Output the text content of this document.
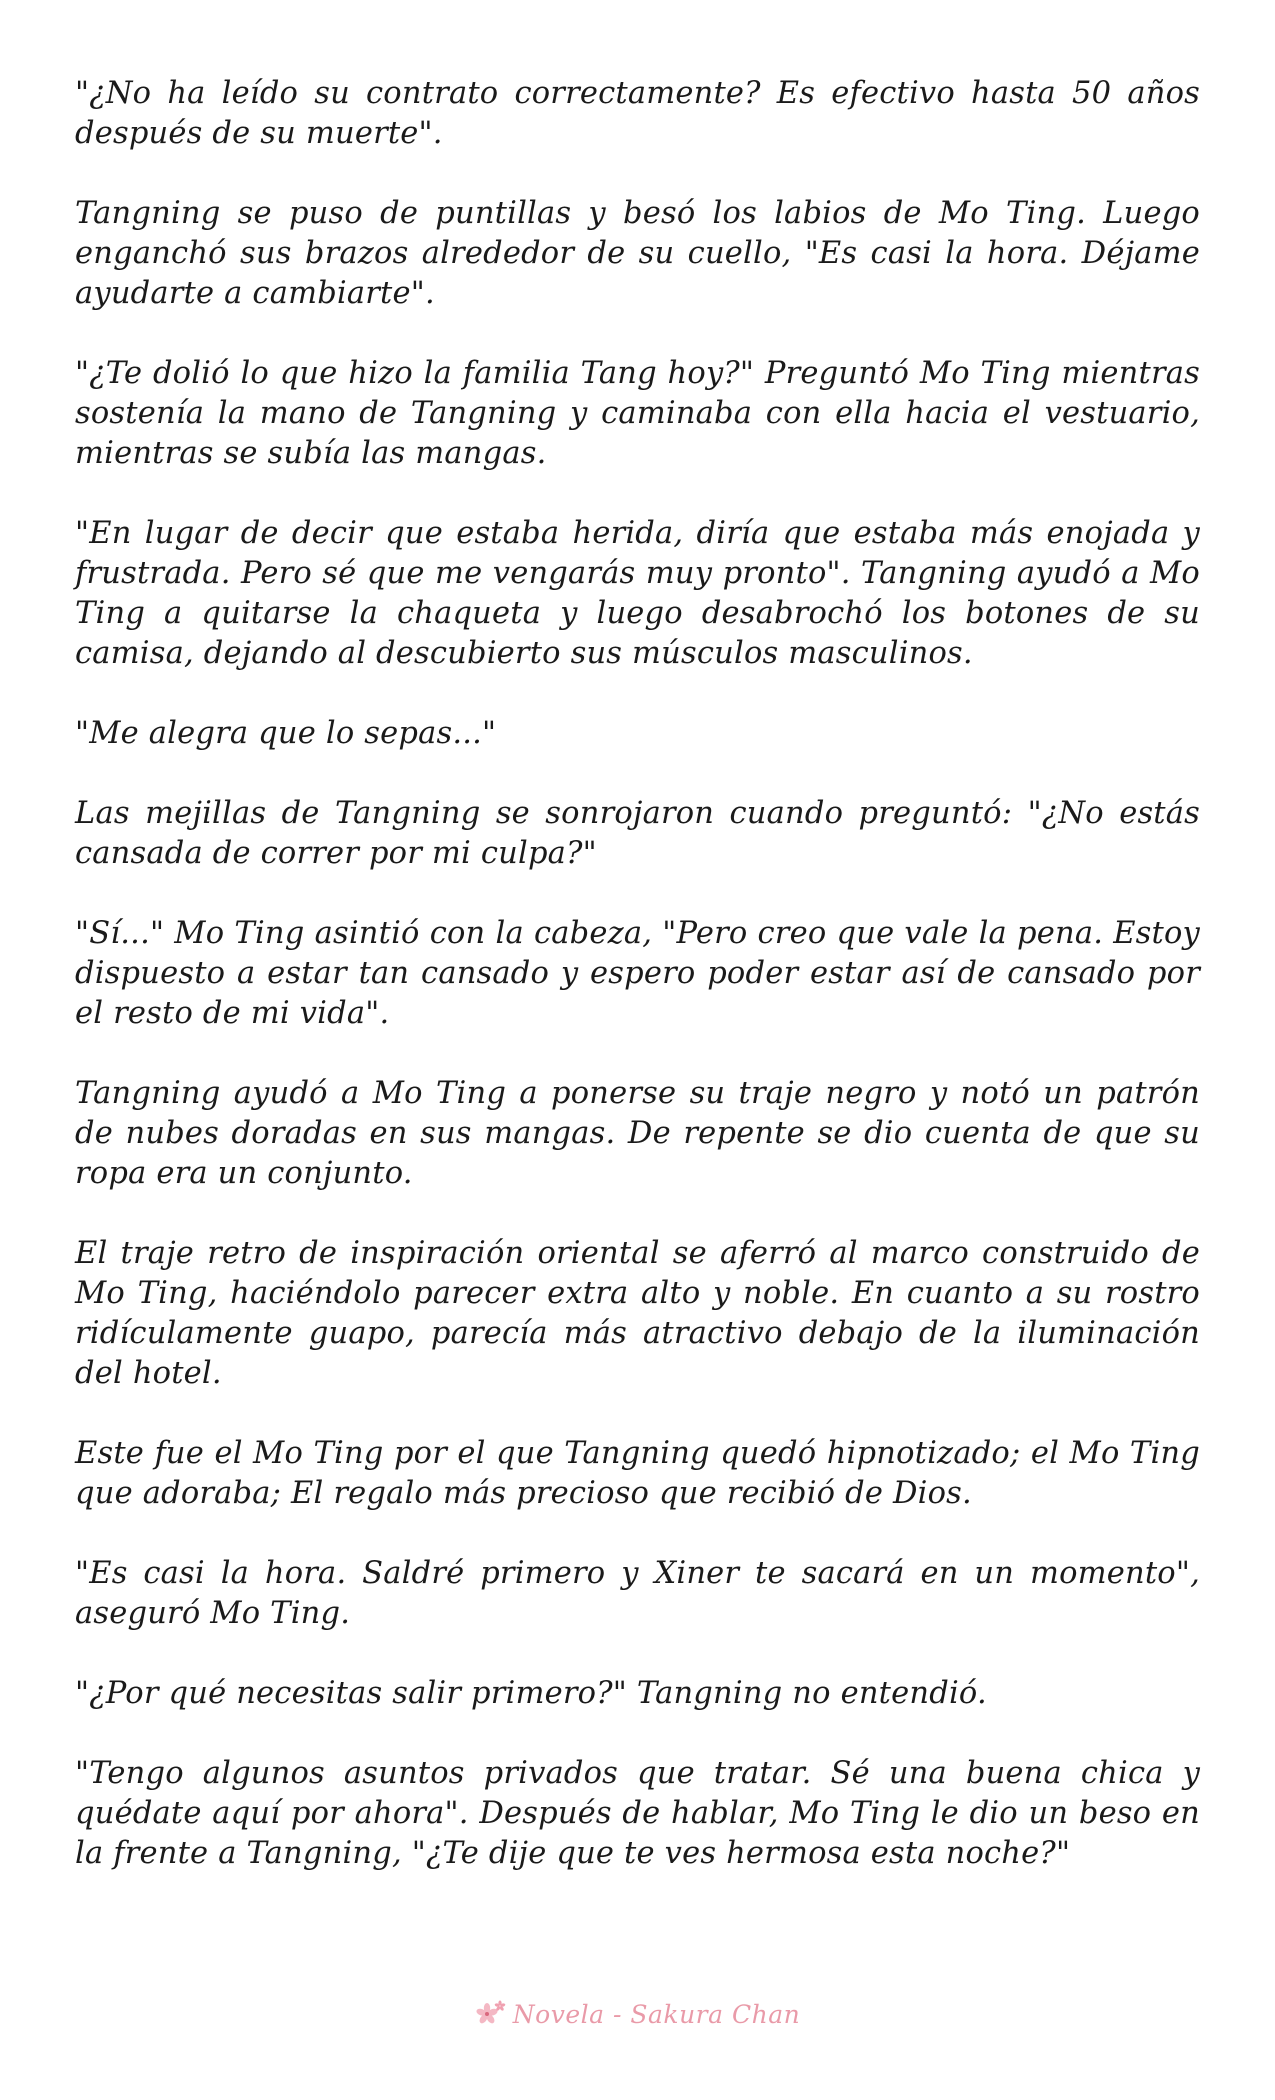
"¿No ha leído su contrato correctamente? Es efectivo hasta 50 años después de su muerte".

Tangning se puso de puntillas y besó los labios de Mo Ting. Luego enganchó sus brazos alrededor de su cuello, "Es casi la hora. Déjame ayudarte a cambiarte".

"¿Te dolió lo que hizo la familia Tang hoy?" Preguntó Mo Ting mientras sostenía la mano de Tangning y caminaba con ella hacia el vestuario, mientras se subía las mangas.

"En lugar de decir que estaba herida, diría que estaba más enojada y frustrada. Pero sé que me vengarás muy pronto". Tangning ayudó a Mo Ting a quitarse la chaqueta y luego desabrochó los botones de su camisa, dejando al descubierto sus músculos masculinos.

"Me alegra que lo sepas..."

Las mejillas de Tangning se sonrojaron cuando preguntó: "¿No estás cansada de correr por mi culpa?"

"Sí..." Mo Ting asintió con la cabeza, "Pero creo que vale la pena. Estoy dispuesto a estar tan cansado y espero poder estar así de cansado por el resto de mi vida".

Tangning ayudó a Mo Ting a ponerse su traje negro y notó un patrón de nubes doradas en sus mangas. De repente se dio cuenta de que su ropa era un conjunto.

El traje retro de inspiración oriental se aferró al marco construido de Mo Ting, haciéndolo parecer extra alto y noble. En cuanto a su rostro ridículamente guapo, parecía más atractivo debajo de la iluminación del hotel.

Este fue el Mo Ting por el que Tangning quedó hipnotizado; el Mo Ting que adoraba; El regalo más precioso que recibió de Dios.

"Es casi la hora. Saldré primero y Xiner te sacará en un momento", aseguró Mo Ting.

"¿Por qué necesitas salir primero?" Tangning no entendió.

"Tengo algunos asuntos privados que tratar. Sé una buena chica y quédate aquí por ahora". Después de hablar, Mo Ting le dio un beso en la frente a Tangning, "¿Te dije que te ves hermosa esta noche?"

Novela - Sakura Chan
